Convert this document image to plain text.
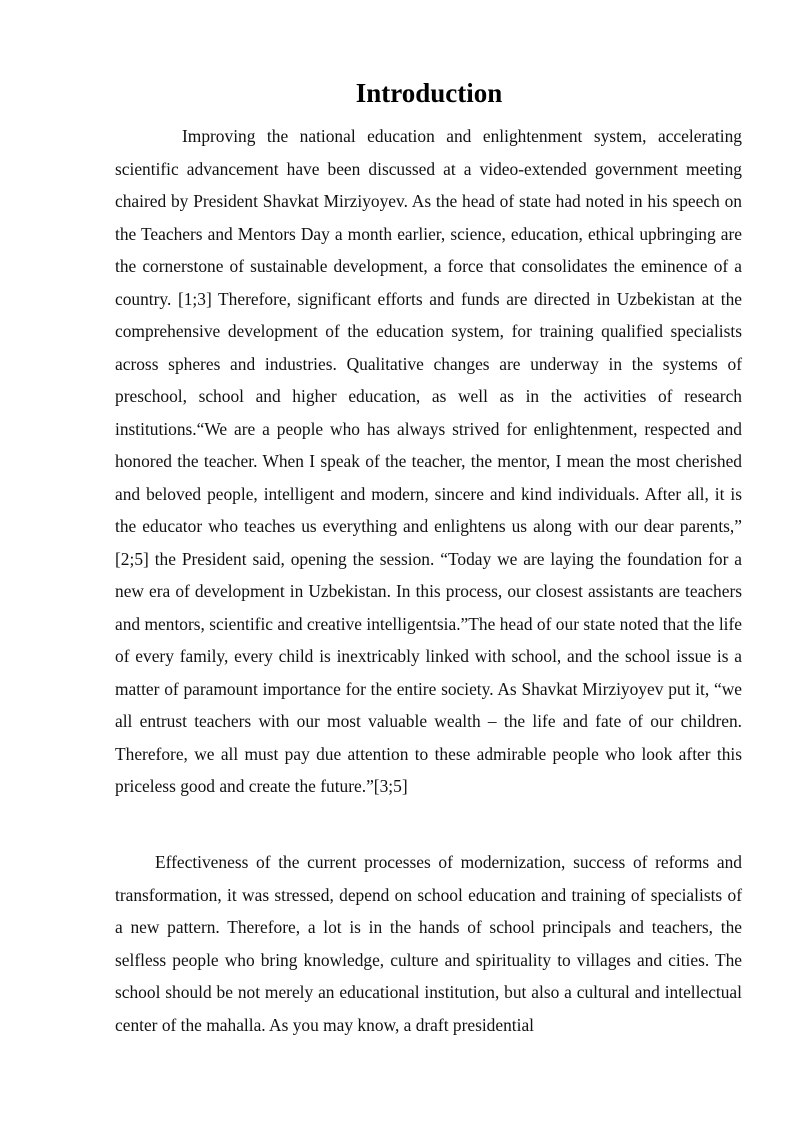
Introduction

Improving the national education and enlightenment system, accelerating scientific advancement have been discussed at a video-extended government meeting chaired by President Shavkat Mirziyoyev. As the head of state had noted in his speech on the Teachers and Mentors Day a month earlier, science, education, ethical upbringing are the cornerstone of sustainable development, a force that consolidates the eminence of a country. [1;3] Therefore, significant efforts and funds are directed in Uzbekistan at the comprehensive development of the education system, for training qualified specialists across spheres and industries. Qualitative changes are underway in the systems of preschool, school and higher education, as well as in the activities of research institutions.“We are a people who has always strived for enlightenment, respected and honored the teacher. When I speak of the teacher, the mentor, I mean the most cherished and beloved people, intelligent and modern, sincere and kind individuals. After all, it is the educator who teaches us everything and enlightens us along with our dear parents,” [2;5] the President said, opening the session. “Today we are laying the foundation for a new era of development in Uzbekistan. In this process, our closest assistants are teachers and mentors, scientific and creative intelligentsia.”The head of our state noted that the life of every family, every child is inextricably linked with school, and the school issue is a matter of paramount importance for the entire society. As Shavkat Mirziyoyev put it, “we all entrust teachers with our most valuable wealth – the life and fate of our children. Therefore, we all must pay due attention to these admirable people who look after this priceless good and create the future.”[3;5]

Effectiveness of the current processes of modernization, success of reforms and transformation, it was stressed, depend on school education and training of specialists of a new pattern. Therefore, a lot is in the hands of school principals and teachers, the selfless people who bring knowledge, culture and spirituality to villages and cities. The school should be not merely an educational institution, but also a cultural and intellectual center of the mahalla. As you may know, a draft presidential
